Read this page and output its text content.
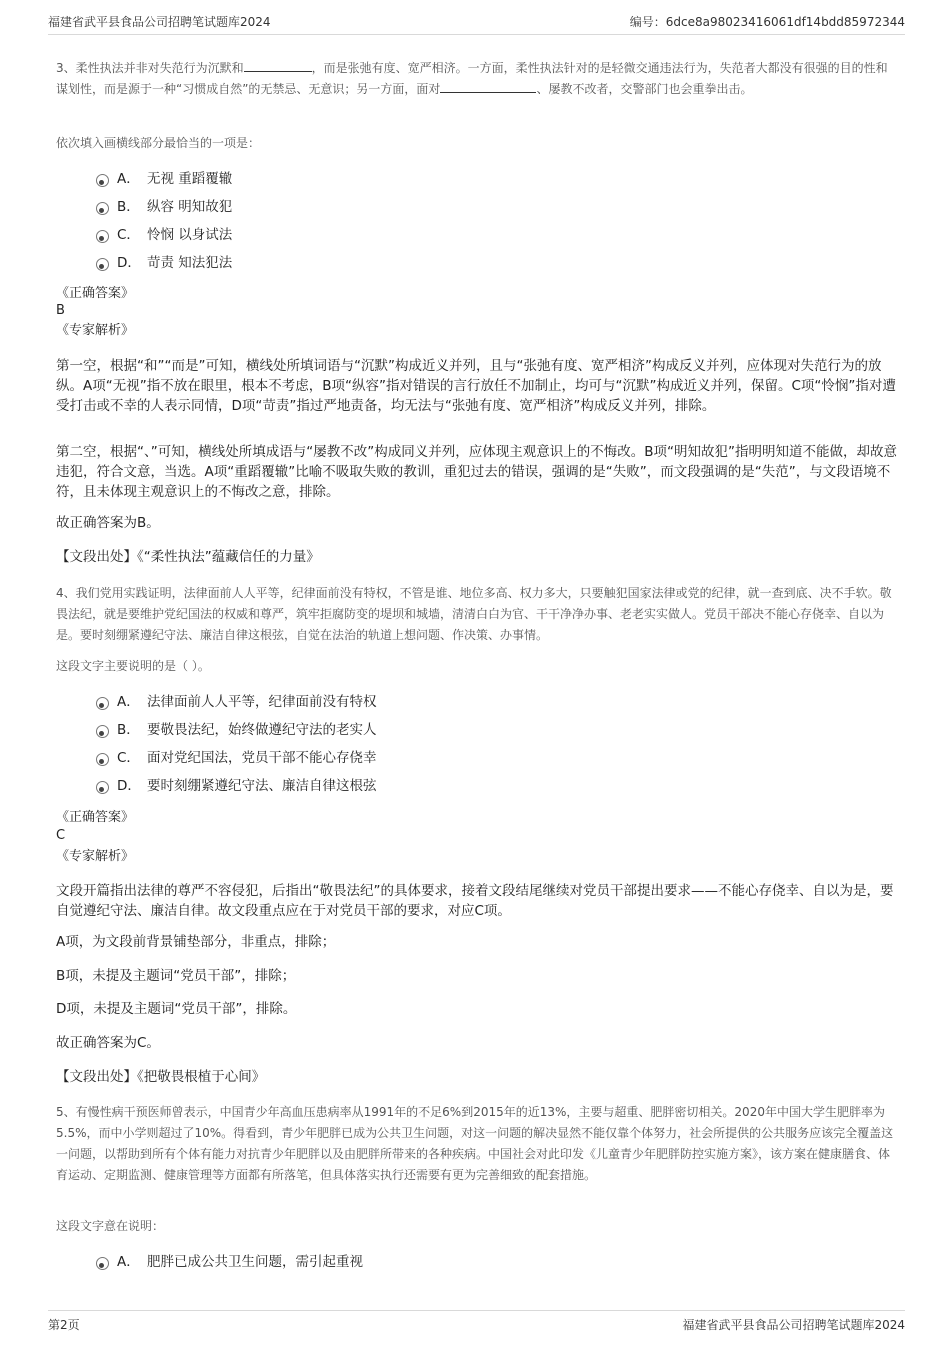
福建省武平县食品公司招聘笔试题库2024	编号：6dce8a98023416061df14bdd85972344
3、柔性执法并非对失范行为沉默和	，而是张弛有度、宽严相济。一方面，柔性执法针对的是轻微交通违法行为，失范者大都没有很强的目的性和谋划性，而是源于一种“习惯成自然”的无禁忌、无意识；另一方面，面对	、屡教不改者，交警部门也会重拳出击。
依次填入画横线部分最恰当的一项是：
A． 无视 重蹈覆辙
B． 纵容 明知故犯
C． 怜悯 以身试法
D． 苛责 知法犯法
《正确答案》
B
《专家解析》
第一空，根据“和”“而是”可知，横线处所填词语与“沉默”构成近义并列，且与“张弛有度、宽严相济”构成反义并列，应体现对失范行为的放纵。A项“无视”指不放在眼里，根本不考虑，B项“纵容”指对错误的言行放任不加制止，均可与“沉默”构成近义并列，保留。C项“怜悯”指对遭受打击或不幸的人表示同情，D项“苛责”指过严地责备，均无法与“张弛有度、宽严相济”构成反义并列，排除。
第二空，根据“、”可知，横线处所填成语与“屡教不改”构成同义并列，应体现主观意识上的不悔改。B项“明知故犯”指明明知道不能做，却故意违犯，符合文意，当选。A项“重蹈覆辙”比喻不吸取失败的教训，重犯过去的错误，强调的是“失败”，而文段强调的是“失范”，与文段语境不符，且未体现主观意识上的不悔改之意，排除。
故正确答案为B。
【文段出处】《“柔性执法”蕴藏信任的力量》
4、我们党用实践证明，法律面前人人平等，纪律面前没有特权，不管是谁、地位多高、权力多大，只要触犯国家法律或党的纪律，就一查到底、决不手软。敬畏法纪，就是要维护党纪国法的权威和尊严，筑牢拒腐防变的堤坝和城墙，清清白白为官、干干净净办事、老老实实做人。党员干部决不能心存侥幸、自以为是。要时刻绷紧遵纪守法、廉洁自律这根弦，自觉在法治的轨道上想问题、作决策、办事情。
这段文字主要说明的是（ ）。
A． 法律面前人人平等，纪律面前没有特权
B． 要敬畏法纪，始终做遵纪守法的老实人
C． 面对党纪国法，党员干部不能心存侥幸
D． 要时刻绷紧遵纪守法、廉洁自律这根弦
《正确答案》
C
《专家解析》
文段开篇指出法律的尊严不容侵犯，后指出“敬畏法纪”的具体要求，接着文段结尾继续对党员干部提出要求——不能心存侥幸、自以为是，要自觉遵纪守法、廉洁自律。故文段重点应在于对党员干部的要求，对应C项。
A项，为文段前背景铺垫部分，非重点，排除；
B项，未提及主题词“党员干部”，排除；
D项，未提及主题词“党员干部”，排除。
故正确答案为C。
【文段出处】《把敬畏根植于心间》
5、有慢性病干预医师曾表示，中国青少年高血压患病率从1991年的不足6%到2015年的近13%，主要与超重、肥胖密切相关。2020年中国大学生肥胖率为5.5%，而中小学则超过了10%。得看到，青少年肥胖已成为公共卫生问题，对这一问题的解决显然不能仅靠个体努力，社会所提供的公共服务应该完全覆盖这一问题，以帮助到所有个体有能力对抗青少年肥胖以及由肥胖所带来的各种疾病。中国社会对此印发《儿童青少年肥胖防控实施方案》，该方案在健康膳食、体育运动、定期监测、健康管理等方面都有所落笔，但具体落实执行还需要有更为完善细致的配套措施。
这段文字意在说明：
A． 肥胖已成公共卫生问题，需引起重视
第2页	福建省武平县食品公司招聘笔试题库2024
